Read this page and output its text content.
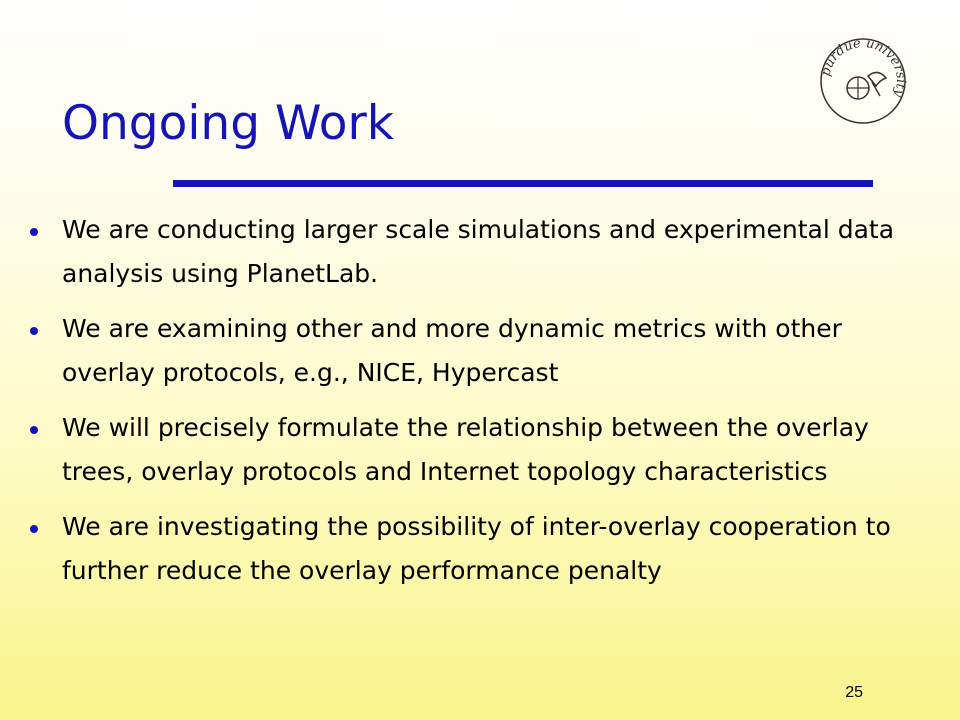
purdue university
Ongoing Work
We are conducting larger scale simulations and experimental data analysis using PlanetLab.
We are examining other and more dynamic metrics with other overlay protocols, e.g., NICE, Hypercast
We will precisely formulate the relationship between the overlay trees, overlay protocols and Internet topology characteristics
We are investigating the possibility of inter-overlay cooperation to further reduce the overlay performance penalty
25
